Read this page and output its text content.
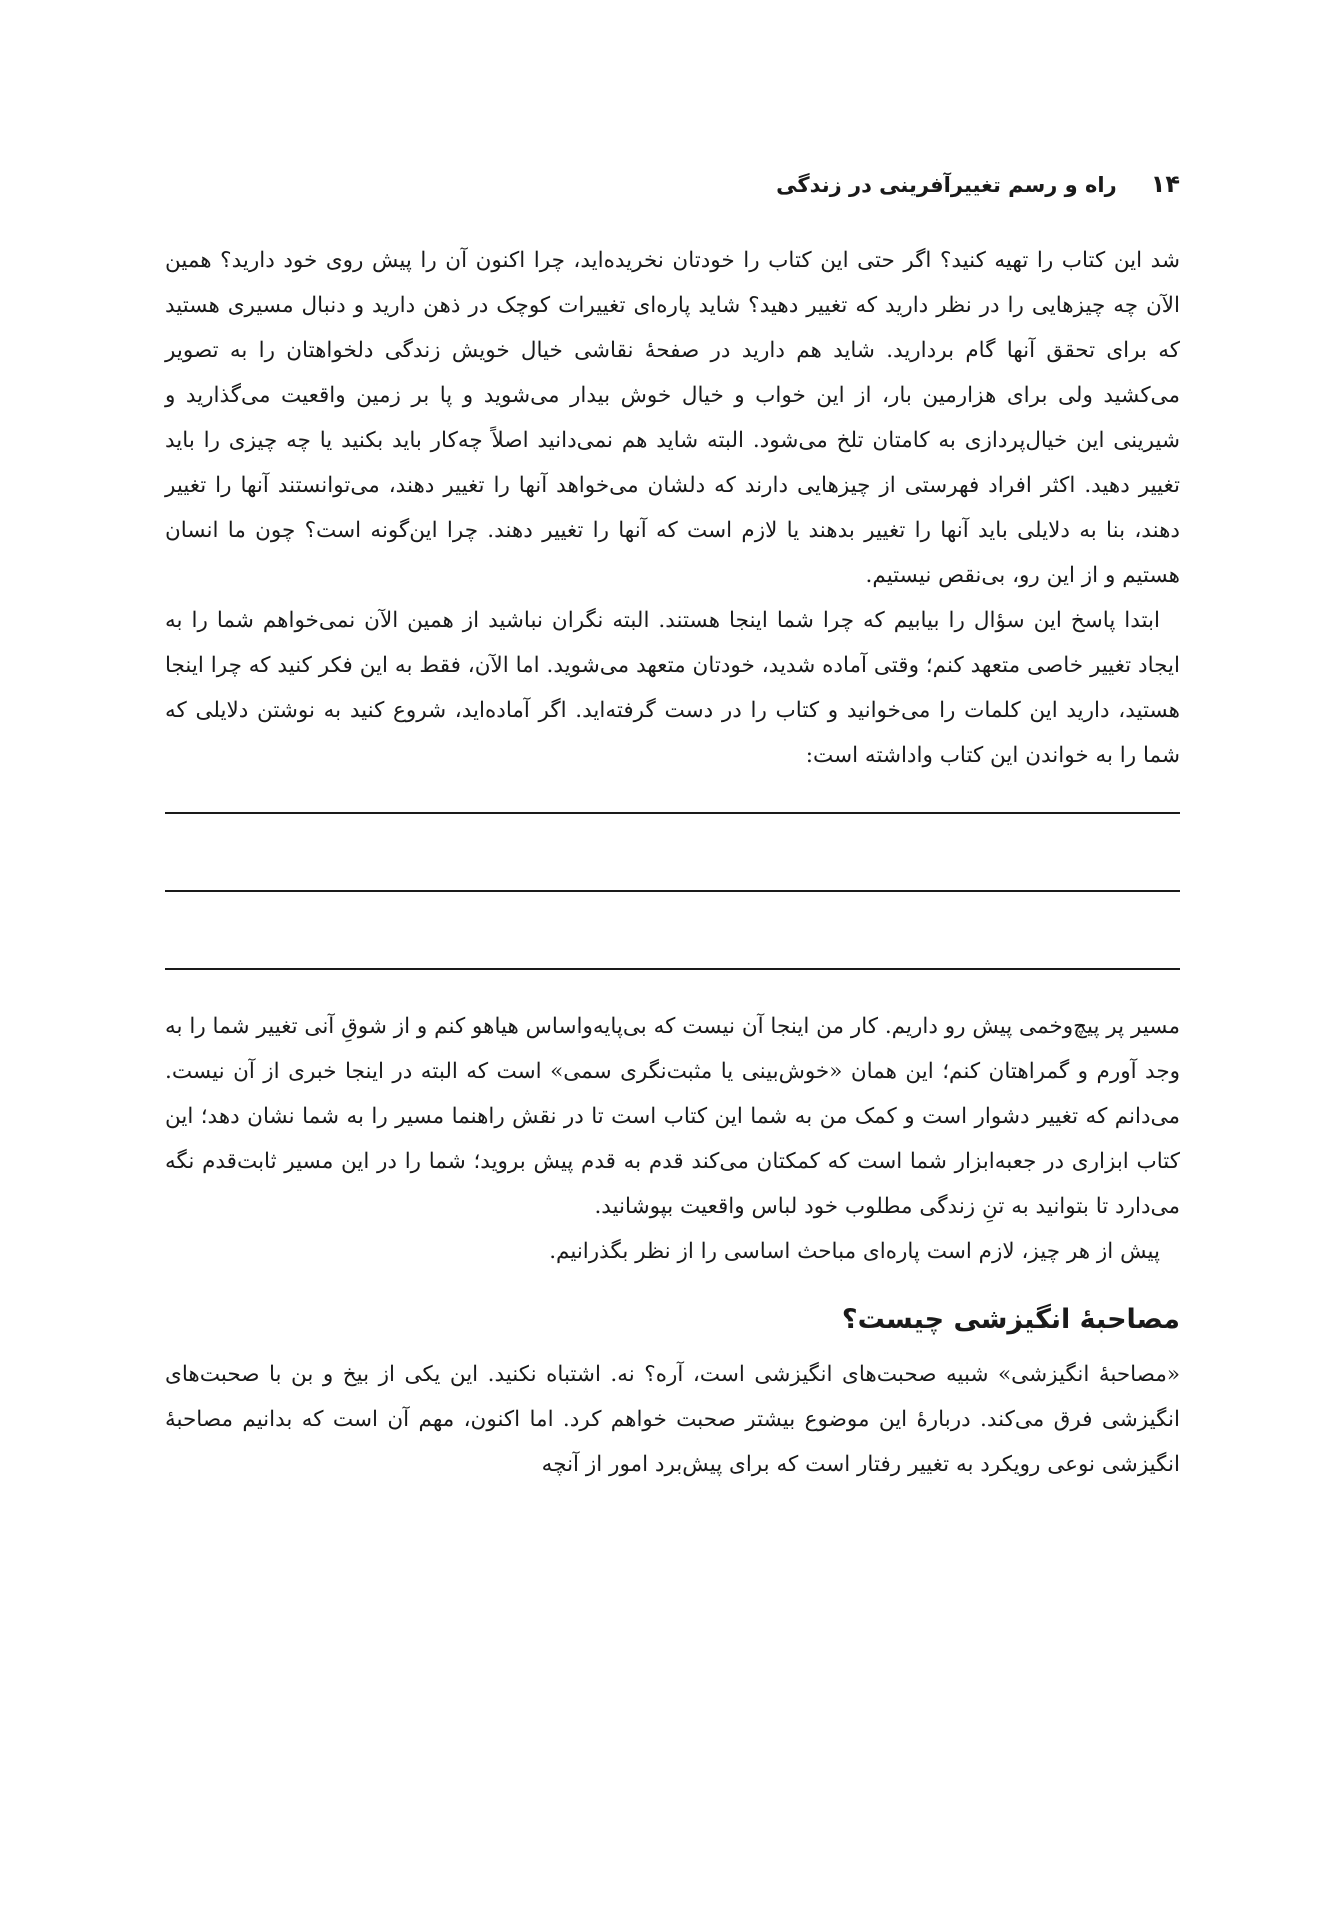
۱۴
راه و رسم تغییرآفرینی در زندگی

شد این کتاب را تهیه کنید؟ اگر حتی این کتاب را خودتان نخریده‌اید، چرا اکنون آن را پیش روی خود دارید؟ همین الآن چه چیزهایی را در نظر دارید که تغییر دهید؟ شاید پاره‌ای تغییرات کوچک در ذهن دارید و دنبال مسیری هستید که برای تحقق آنها گام بردارید. شاید هم دارید در صفحهٔ نقاشی خیال خویش زندگی دلخواهتان را به تصویر می‌کشید ولی برای هزارمین بار، از این خواب و خیال خوش بیدار می‌شوید و پا بر زمین واقعیت می‌گذارید و شیرینی این خیال‌پردازی به کامتان تلخ می‌شود. البته شاید هم نمی‌دانید اصلاً چه‌کار باید بکنید یا چه چیزی را باید تغییر دهید. اکثر افراد فهرستی از چیزهایی دارند که دلشان می‌خواهد آنها را تغییر دهند، می‌توانستند آنها را تغییر دهند، بنا به دلایلی باید آنها را تغییر بدهند یا لازم است که آنها را تغییر دهند. چرا این‌گونه است؟ چون ما انسان هستیم و از این رو، بی‌نقص نیستیم.

ابتدا پاسخ این سؤال را بیابیم که چرا شما اینجا هستند. البته نگران نباشید از همین الآن نمی‌خواهم شما را به ایجاد تغییر خاصی متعهد کنم؛ وقتی آماده شدید، خودتان متعهد می‌شوید. اما الآن، فقط به این فکر کنید که چرا اینجا هستید، دارید این کلمات را می‌خوانید و کتاب را در دست گرفته‌اید. اگر آماده‌اید، شروع کنید به نوشتن دلایلی که شما را به خواندن این کتاب واداشته است:

مسیر پر پیچ‌وخمی پیش رو داریم. کار من اینجا آن نیست که بی‌پایه‌واساس هیاهو کنم و از شوقِ آنی تغییر شما را به وجد آورم و گمراهتان کنم؛ این همان «خوش‌بینی یا مثبت‌نگری سمی» است که البته در اینجا خبری از آن نیست. می‌دانم که تغییر دشوار است و کمک من به شما این کتاب است تا در نقش راهنما مسیر را به شما نشان دهد؛ این کتاب ابزاری در جعبه‌ابزار شما است که کمکتان می‌کند قدم به قدم پیش بروید؛ شما را در این مسیر ثابت‌قدم نگه می‌دارد تا بتوانید به تنِ زندگی مطلوب خود لباس واقعیت بپوشانید.

پیش از هر چیز، لازم است پاره‌ای مباحث اساسی را از نظر بگذرانیم.

مصاحبهٔ انگیزشی چیست؟

«مصاحبهٔ انگیزشی» شبیه صحبت‌های انگیزشی است، آره؟ نه. اشتباه نکنید. این یکی از بیخ و بن با صحبت‌های انگیزشی فرق می‌کند. دربارهٔ این موضوع بیشتر صحبت خواهم کرد. اما اکنون، مهم آن است که بدانیم مصاحبهٔ انگیزشی نوعی رویکرد به تغییر رفتار است که برای پیش‌برد امور از آنچه
